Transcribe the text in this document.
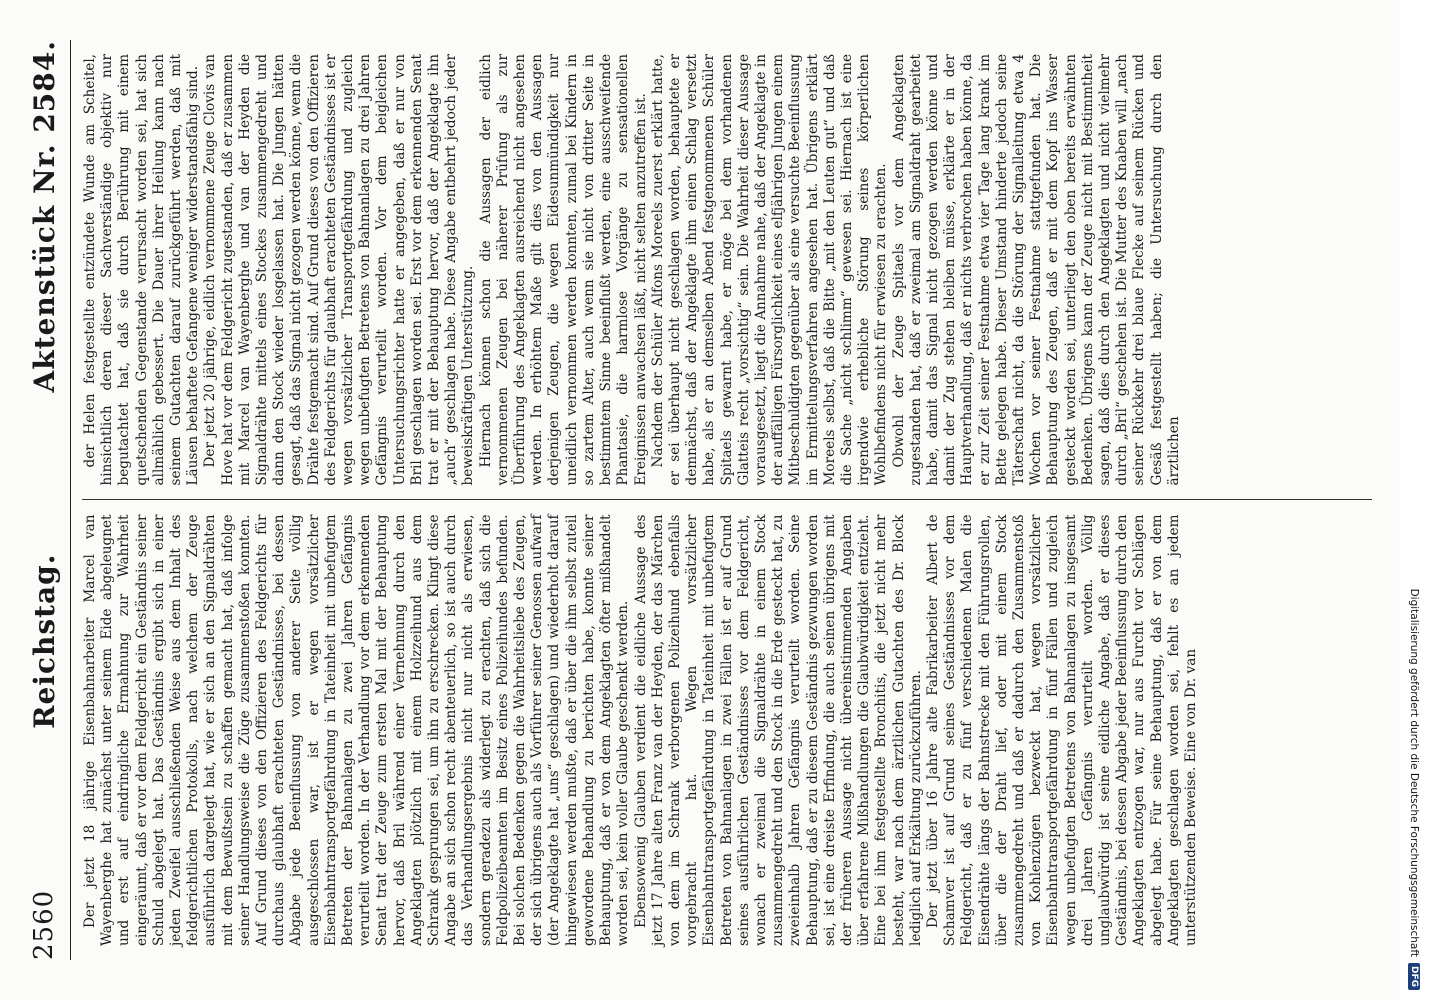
2560
Reichstag.
Aktenstück Nr. 2584.

Der jetzt 18 jährige Eisenbahnarbeiter Marcel van Wayenberghe hat zunächst unter seinem Eide abgeleugnet und erst auf eindringliche Ermahnung zur Wahrheit eingeräumt, daß er vor dem Feldgericht ein Geständnis seiner Schuld abgelegt hat. Das Geständnis ergibt sich in einer jeden Zweifel ausschließenden Weise aus dem Inhalt des feldgerichtlichen Protokolls, nach welchem der Zeuge ausführlich dargelegt hat, wie er sich an den Signaldrähten mit dem Bewußtsein zu schaffen gemacht hat, daß infolge seiner Handlungsweise die Züge zusammenstoßen konnten. Auf Grund dieses von den Offizieren des Feldgerichts für durchaus glaubhaft erachteten Geständnisses, bei dessen Abgabe jede Beeinflussung von anderer Seite völlig ausgeschlossen war, ist er wegen vorsätzlicher Eisenbahntransportgefährdung in Tateinheit mit unbefugtem Betreten der Bahnanlagen zu zwei Jahren Gefängnis verurteilt worden. In der Verhandlung vor dem erkennenden Senat trat der Zeuge zum ersten Mal mit der Behauptung hervor, daß Bril während einer Vernehmung durch den Angeklagten plötzlich mit einem Holzzeihund aus dem Schrank gesprungen sei, um ihn zu erschrecken. Klingt diese Angabe an sich schon recht abenteuerlich, so ist auch durch das Verhandlungsergebnis nicht nur nicht als erwiesen, sondern geradezu als widerlegt zu erachten, daß sich die Feldpolizeibeamten im Besitz eines Polizeihundes befunden. Bei solchen Bedenken gegen die Wahrheitsliebe des Zeugen, der sich übrigens auch als Vorführer seiner Genossen aufwarf (der Angeklagte hat „uns“ geschlagen) und wiederholt darauf hingewiesen werden mußte, daß er über die ihm selbst zuteil gewordene Behandlung zu berichten habe, konnte seiner Behauptung, daß er von dem Angeklagten öfter mißhandelt worden sei, kein voller Glaube geschenkt werden. Ebensowenig Glauben verdient die eidliche Aussage des jetzt 17 Jahre alten Franz van der Heyden, der das Märchen von dem im Schrank verborgenen Polizeihund ebenfalls vorgebracht hat. Wegen vorsätzlicher Eisenbahntransportgefährdung in Tateinheit mit unbefugtem Betreten von Bahnanlagen in zwei Fällen ist er auf Grund seines ausführlichen Geständnisses vor dem Feldgericht, wonach er zweimal die Signaldrähte in einem Stock zusammengedreht und den Stock in die Erde gesteckt hat, zu zweieinhalb Jahren Gefängnis verurteilt worden. Seine Behauptung, daß er zu diesem Geständnis gezwungen worden sei, ist eine dreiste Erfindung, die auch seinen übrigens mit der früheren Aussage nicht übereinstimmenden Angaben über erfahrene Mißhandlungen die Glaubwürdigkeit entzieht. Eine bei ihm festgestellte Bronchitis, die jetzt nicht mehr besteht, war nach dem ärztlichen Gutachten des Dr. Block lediglich auf Erkältung zurückzuführen. Der jetzt über 16 Jahre alte Fabrikarbeiter Albert de Schamver ist auf Grund seines Geständnisses vor dem Feldgericht, daß er zu fünf verschiedenen Malen die Eisendrähte längs der Bahnstrecke mit den Führungsrollen, über die der Draht lief, oder mit einem Stock zusammengedreht und daß er dadurch den Zusammenstoß von Kohlenzügen bezweckt hat, wegen vorsätzlicher Eisenbahntransportgefährdung in fünf Fällen und zugleich wegen unbefugten Betretens von Bahnanlagen zu insgesamt drei Jahren Gefängnis verurteilt worden. Völlig unglaubwürdig ist seine eidliche Angabe, daß er dieses Geständnis, bei dessen Abgabe jeder Beeinflussung durch den Angeklagten entzogen war, nur aus Furcht vor Schlägen abgelegt habe. Für seine Behauptung, daß er von dem Angeklagten geschlagen worden sei, fehlt es an jedem unterstützenden Beweise. Eine von Dr. van

der Helen festgestellte entzündete Wunde am Scheitel, hinsichtlich deren dieser Sachverständige objektiv nur begutachtet hat, daß sie durch Berührung mit einem quetschenden Gegenstande verursacht worden sei, hat sich allmählich gebessert. Die Dauer ihrer Heilung kann nach seinem Gutachten darauf zurückgeführt werden, daß mit Läusen behaftete Gefangene weniger widerstandsfähig sind. Der jetzt 20 jährige, eidlich vernommene Zeuge Clovis van Hove hat vor dem Feldgericht zugestanden, daß er zusammen mit Marcel van Wayenberghe und van der Heyden die Signaldrähte mittels eines Stockes zusammengedreht und dann den Stock wieder losgelassen hat. Die Jungen hätten gesagt, daß das Signal nicht gezogen werden könne, wenn die Drähte festgemacht sind. Auf Grund dieses von den Offizieren des Feldgerichts für glaubhaft erachteten Geständnisses ist er wegen vorsätzlicher Transportgefährdung und zugleich wegen unbefugten Betretens von Bahnanlagen zu drei Jahren Gefängnis verurteilt worden. Vor dem beigleichen Untersuchungsrichter hatte er angegeben, daß er nur von Bril geschlagen worden sei. Erst vor dem erkennenden Senat trat er mit der Behauptung hervor, daß der Angeklagte ihn „auch“ geschlagen habe. Diese Angabe entbehrt jedoch jeder beweiskräftigen Unterstützung. Hiernach können schon die Aussagen der eidlich vernommenen Zeugen bei näherer Prüfung als zur Überführung des Angeklagten ausreichend nicht angesehen werden. In erhöhtem Maße gilt dies von den Aussagen derjenigen Zeugen, die wegen Eidesunmündigkeit nur uneidlich vernommen werden konnten, zumal bei Kindern in so zartem Alter, auch wenn sie nicht von dritter Seite in bestimmtem Sinne beeinflußt werden, eine ausschweifende Phantasie, die harmlose Vorgänge zu sensationellen Ereignissen anwachsen läßt, nicht selten anzutreffen ist. Nachdem der Schüler Alfons Moreels zuerst erklärt hatte, er sei überhaupt nicht geschlagen worden, behauptete er demnächst, daß der Angeklagte ihm einen Schlag versetzt habe, als er an demselben Abend festgenommenen Schüler Spitaels gewarnt habe, er möge bei dem vorhandenen Glatteis recht „vorsichtig“ sein. Die Wahrheit dieser Aussage vorausgesetzt, liegt die Annahme nahe, daß der Angeklagte in der auffälligen Fürsorglichkeit eines elfjährigen Jungen einem Mitbeschuldigten gegenüber als eine versuchte Beeinflussung im Ermittelungsverfahren angesehen hat. Übrigens erklärt Moreels selbst, daß die Bitte „mit den Leuten gut“ und daß die Sache „nicht schlimm“ gewesen sei. Hiernach ist eine irgendwie erhebliche Störung seines körperlichen Wohlbefindens nicht für erwiesen zu erachten. Obwohl der Zeuge Spitaels vor dem Angeklagten zugestanden hat, daß er zweimal am Signaldraht gearbeitet habe, damit das Signal nicht gezogen werden könne und damit der Zug stehen bleiben müsse, erklärte er in der Hauptverhandlung, daß er nichts verbrochen haben könne, da er zur Zeit seiner Festnahme etwa vier Tage lang krank im Bette gelegen habe. Dieser Umstand hinderte jedoch seine Täterschaft nicht, da die Störung der Signalleitung etwa 4 Wochen vor seiner Festnahme stattgefunden hat. Die Behauptung des Zeugen, daß er mit dem Kopf ins Wasser gesteckt worden sei, unterliegt den oben bereits erwähnten Bedenken. Übrigens kann der Zeuge nicht mit Bestimmtheit sagen, daß dies durch den Angeklagten und nicht vielmehr durch „Bril“ geschehen ist. Die Mutter des Knaben will „nach seiner Rückkehr drei blaue Flecke auf seinem Rücken und Gesäß festgestellt haben; die Untersuchung durch den ärztlichen

Digitalisierung gefördert durch die Deutsche Forschungsgemeinschaft
DFG
